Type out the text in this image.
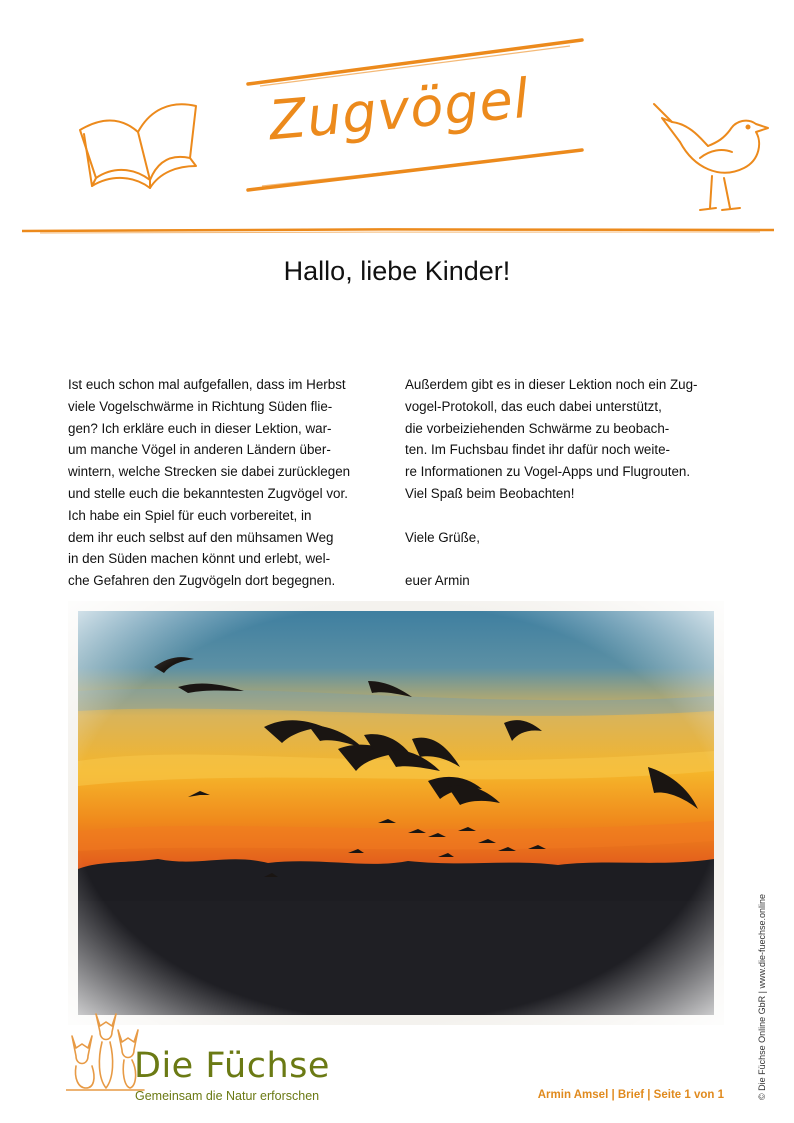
Zugvögel
Hallo, liebe Kinder!

Ist euch schon mal aufgefallen, dass im Herbst

viele Vogelschwärme in Richtung Süden flie-

gen? Ich erkläre euch in dieser Lektion, war-

um manche Vögel in anderen Ländern über-

wintern, welche Strecken sie dabei zurücklegen

und stelle euch die bekanntesten Zugvögel vor.

Ich habe ein Spiel für euch vorbereitet, in

dem ihr euch selbst auf den mühsamen Weg

in den Süden machen könnt und erlebt, wel-

che Gefahren den Zugvögeln dort begegnen.

Außerdem gibt es in dieser Lektion noch ein Zug-

vogel-Protokoll, das euch dabei unterstützt,

die vorbeiziehenden Schwärme zu beobach-

ten. Im Fuchsbau findet ihr dafür noch weite-

re Informationen zu Vogel-Apps und Flugrouten.

Viel Spaß beim Beobachten!

Viele Grüße,

euer Armin

Die Füchse
Gemeinsam die Natur erforschen	Armin Amsel | Brief | Seite 1 von 1	© Die Füchse Online GbR | www.die-fuechse.online
